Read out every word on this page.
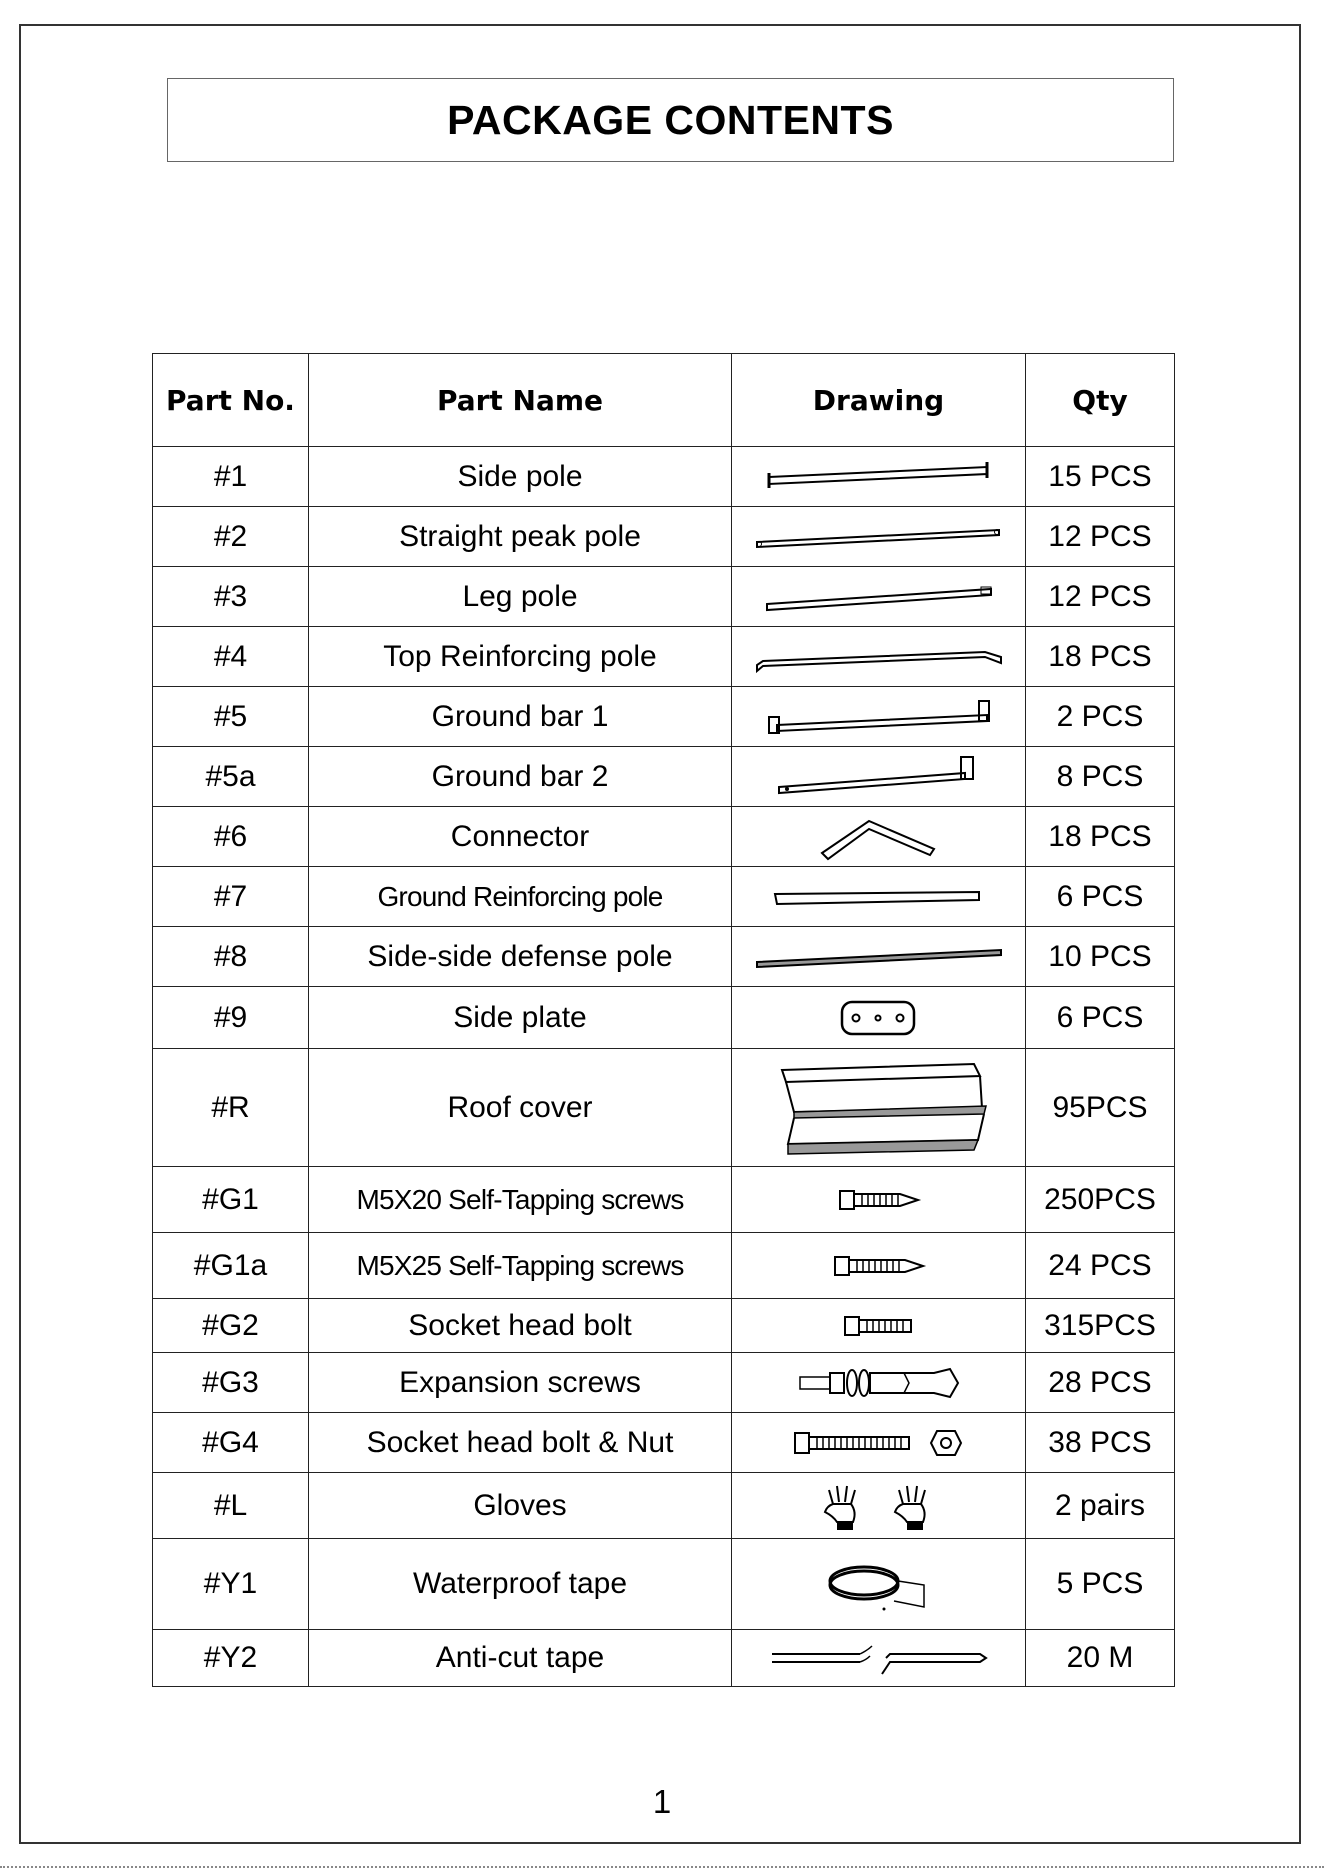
PACKAGE CONTENTS
Part No.	Part Name	Drawing	Qty
#1	Side pole		15 PCS
#2	Straight peak pole		12 PCS
#3	Leg pole		12 PCS
#4	Top Reinforcing pole		18 PCS
#5	Ground bar 1		2 PCS
#5a	Ground bar 2		8 PCS
#6	Connector		18 PCS
#7	Ground Reinforcing pole		6 PCS
#8	Side-side defense pole		10 PCS
#9	Side plate		6 PCS
#R	Roof cover		95PCS
#G1	M5X20 Self-Tapping screws		250PCS
#G1a	M5X25 Self-Tapping screws		24 PCS
#G2	Socket head bolt		315PCS
#G3	Expansion screws		28 PCS
#G4	Socket head bolt & Nut		38 PCS
#L	Gloves		2 pairs
#Y1	Waterproof tape		5 PCS
#Y2	Anti-cut tape		20 M
1
